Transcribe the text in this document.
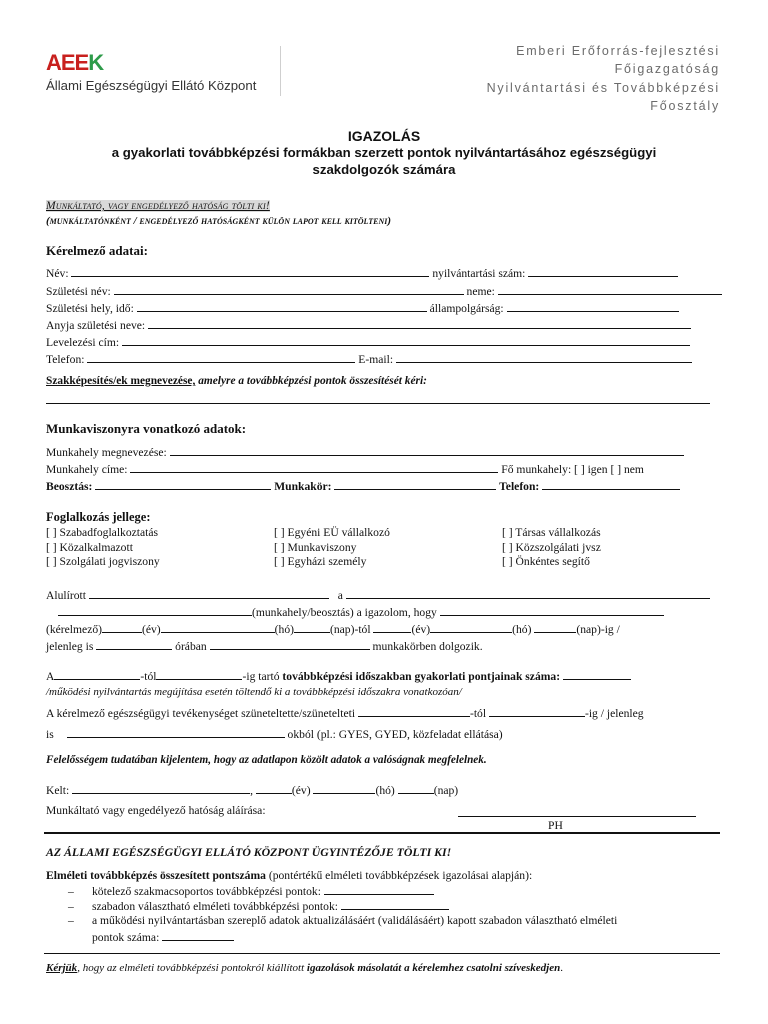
AEEK
Állami Egészségügyi Ellátó Központ
Emberi Erőforrás-fejlesztési
Főigazgatóság
Nyilvántartási és Továbbképzési
Főosztály
IGAZOLÁS
a gyakorlati továbbképzési formákban szerzett pontok nyilvántartásához egészségügyi
szakdolgozók számára
Munkáltató, vagy engedélyező hatóság tölti ki!
(munkáltatónként / engedélyező hatóságként külön lapot kell kitölteni)
Kérelmező adatai:
Név:	nyilvántartási szám:
Születési név:	neme:
Születési hely, idő:	állampolgárság:
Anyja születési neve:
Levelezési cím:
Telefon:	E-mail:
Szakképesítés/ek megnevezése, amelyre a továbbképzési pontok összesítését kéri:
Munkaviszonyra vonatkozó adatok:
Munkahely megnevezése:
Munkahely címe:	Fő munkahely: [ ] igen [ ] nem
Beosztás:	Munkakör:	Telefon:
Foglalkozás jellege:
[ ] Szabadfoglalkoztatás	[ ] Egyéni EÜ vállalkozó	[ ] Társas vállalkozás
[ ] Közalkalmazott	[ ] Munkaviszony	[ ] Közszolgálati jvsz
[ ] Szolgálati jogviszony	[ ] Egyházi személy	[ ] Önkéntes segítő
Alulírott	a
(munkahely/beosztás) a igazolom, hogy
(kérelmező)	(év)	(hó)	(nap)-tól	(év)	(hó)	(nap)-ig /
jelenleg is	órában	munkakörben dolgozik.
A	-tól	-ig tartó továbbképzési időszakban gyakorlati pontjainak száma:
/működési nyilvántartás megújítása esetén töltendő ki a továbbképzési időszakra vonatkozóan/
A kérelmező egészségügyi tevékenységet szüneteltette/szünetelteti	-tól	-ig / jelenleg
is	okból (pl.: GYES, GYED, közfeladat ellátása)
Felelősségem tudatában kijelentem, hogy az adatlapon közölt adatok a valóságnak megfelelnek.
Kelt:	,	(év)	(hó)	(nap)
Munkáltató vagy engedélyező hatóság aláírása:
PH
AZ ÁLLAMI EGÉSZSÉGÜGYI ELLÁTÓ KÖZPONT ÜGYINTÉZŐJE TÖLTI KI!
Elméleti továbbképzés összesített pontszáma (pontértékű elméleti továbbképzések igazolásai alapján):
– kötelező szakmacsoportos továbbképzési pontok:
– szabadon választható elméleti továbbképzési pontok:
– a működési nyilvántartásban szereplő adatok aktualizálásáért (validálásáért) kapott szabadon választható elméleti
pontok száma:
Kérjük, hogy az elméleti továbbképzési pontokról kiállított igazolások másolatát a kérelemhez csatolni szíveskedjen.
